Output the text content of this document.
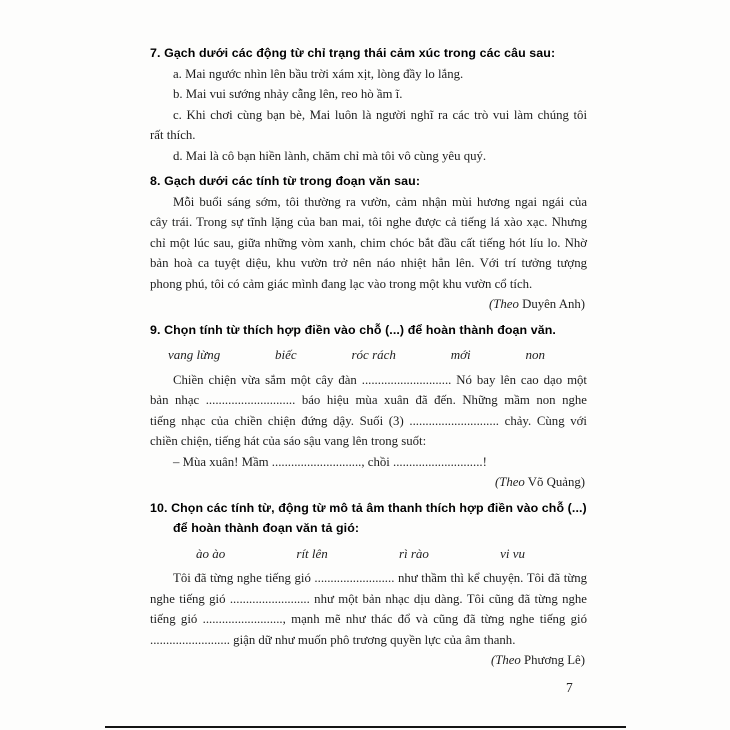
7. Gạch dưới các động từ chỉ trạng thái cảm xúc trong các câu sau:
a. Mai ngước nhìn lên bầu trời xám xịt, lòng đầy lo lắng.
b. Mai vui sướng nhảy cẫng lên, reo hò ầm ĩ.
c. Khi chơi cùng bạn bè, Mai luôn là người nghĩ ra các trò vui làm chúng tôi
rất thích.
d. Mai là cô bạn hiền lành, chăm chỉ mà tôi vô cùng yêu quý.
8. Gạch dưới các tính từ trong đoạn văn sau:
Mỗi buổi sáng sớm, tôi thường ra vườn, cảm nhận mùi hương ngai ngái của
cây trái. Trong sự tĩnh lặng của ban mai, tôi nghe được cả tiếng lá xào xạc. Nhưng
chỉ một lúc sau, giữa những vòm xanh, chim chóc bắt đầu cất tiếng hót líu lo. Nhờ
bản hoà ca tuyệt diệu, khu vườn trở nên náo nhiệt hẳn lên. Với trí tưởng tượng
phong phú, tôi có cảm giác mình đang lạc vào trong một khu vườn cổ tích.
(Theo Duyên Anh)
9. Chọn tính từ thích hợp điền vào chỗ (...) để hoàn thành đoạn văn.
vang lừng	biếc	róc rách	mới	non
Chiền chiện vừa sắm một cây đàn ............................ Nó bay lên cao dạo một
bản nhạc ............................ báo hiệu mùa xuân đã đến. Những mầm non nghe
tiếng nhạc của chiền chiện đứng dậy. Suối (3) ............................ chảy. Cùng với
chiền chiện, tiếng hát của sáo sậu vang lên trong suốt:
– Mùa xuân! Mầm ............................, chồi ............................!
(Theo Võ Quảng)
10. Chọn các tính từ, động từ mô tả âm thanh thích hợp điền vào chỗ (...)
để hoàn thành đoạn văn tả gió:
ào ào	rít lên	rì rào	vi vu
Tôi đã từng nghe tiếng gió ......................... như thầm thì kể chuyện. Tôi đã từng
nghe tiếng gió ......................... như một bản nhạc dịu dàng. Tôi cũng đã từng nghe
tiếng gió ........................., mạnh mẽ như thác đổ và cũng đã từng nghe tiếng gió
......................... giận dữ như muốn phô trương quyền lực của âm thanh.
(Theo Phương Lê)
7
